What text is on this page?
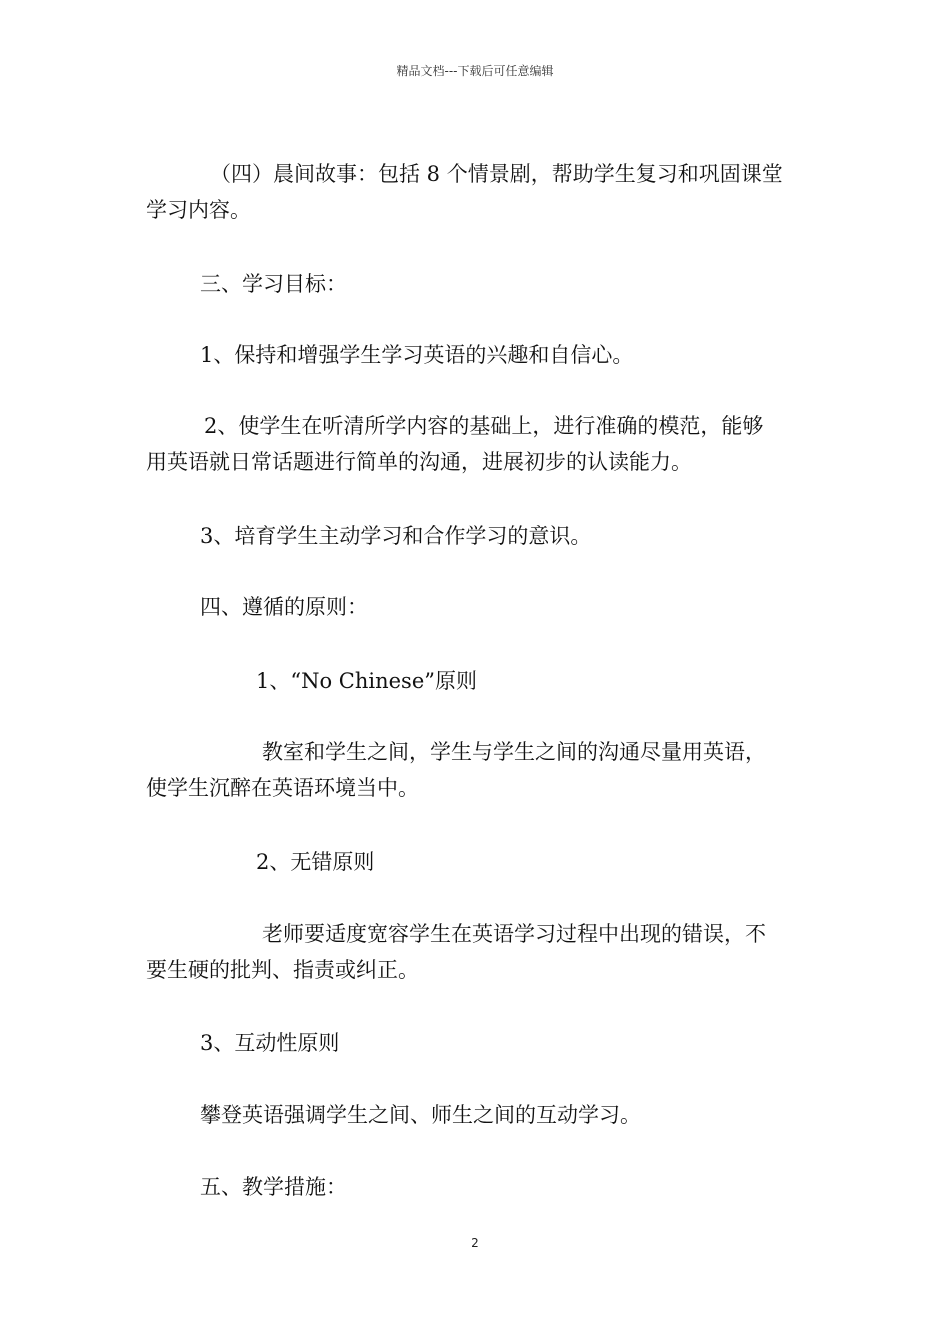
精品文档---下载后可任意编辑
（四）晨间故事：包括 8 个情景剧，帮助学生复习和巩固课堂
学习内容。
三、学习目标：
1、保持和增强学生学习英语的兴趣和自信心。
2、使学生在听清所学内容的基础上，进行准确的模范，能够
用英语就日常话题进行简单的沟通，进展初步的认读能力。
3、培育学生主动学习和合作学习的意识。
四、遵循的原则：
1、“No Chinese”原则
教室和学生之间，学生与学生之间的沟通尽量用英语，
使学生沉醉在英语环境当中。
2、无错原则
老师要适度宽容学生在英语学习过程中出现的错误，不
要生硬的批判、指责或纠正。
3、互动性原则
攀登英语强调学生之间、师生之间的互动学习。
五、教学措施：
2
